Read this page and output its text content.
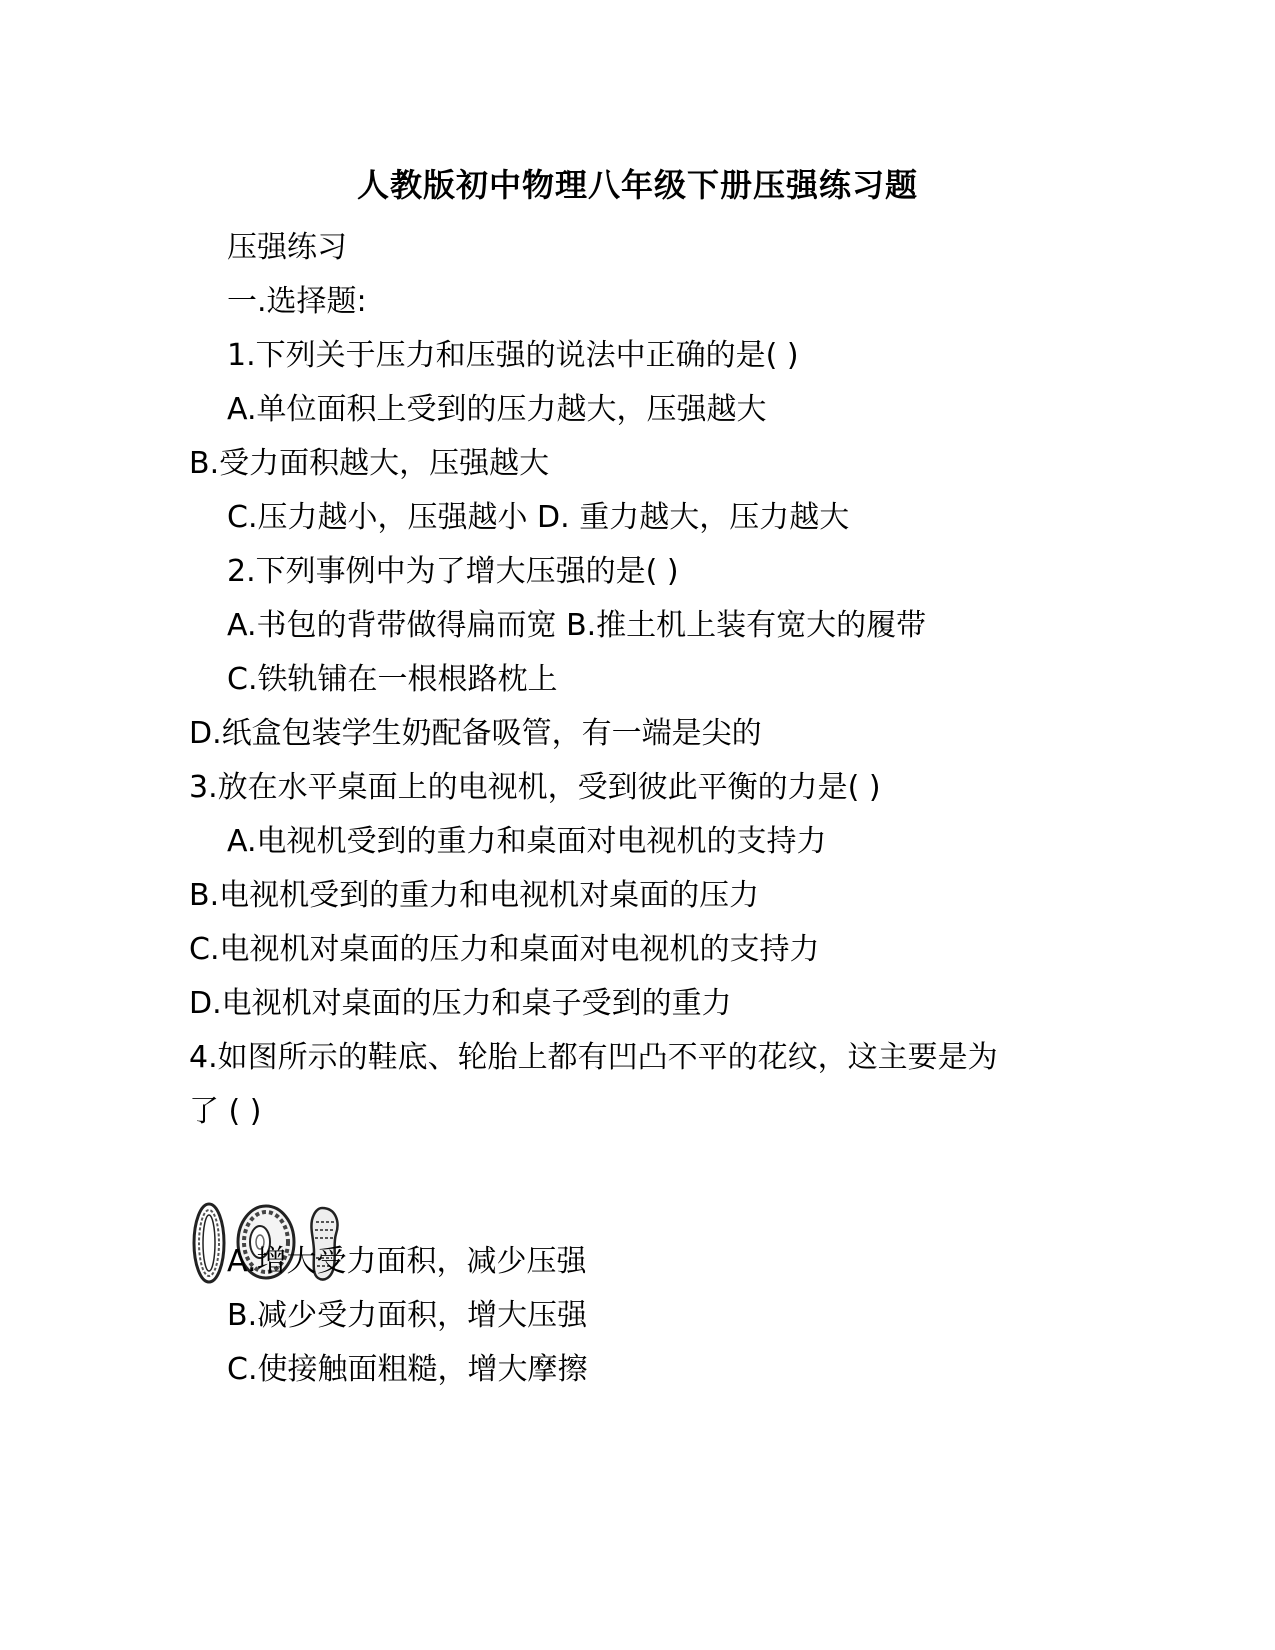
人教版初中物理八年级下册压强练习题
压强练习
一.选择题:
1.下列关于压力和压强的说法中正确的是( )
A.单位面积上受到的压力越大，压强越大
B.受力面积越大，压强越大
C.压力越小，压强越小 D. 重力越大，压力越大
2.下列事例中为了增大压强的是( )
A.书包的背带做得扁而宽 B.推土机上装有宽大的履带
C.铁轨铺在一根根路枕上
D.纸盒包装学生奶配备吸管，有一端是尖的
3.放在水平桌面上的电视机，受到彼此平衡的力是( )
A.电视机受到的重力和桌面对电视机的支持力
B.电视机受到的重力和电视机对桌面的压力
C.电视机对桌面的压力和桌面对电视机的支持力
D.电视机对桌面的压力和桌子受到的重力
4.如图所示的鞋底、轮胎上都有凹凸不平的花纹，这主要是为
了 ( )
A.增大受力面积，减少压强
B.减少受力面积，增大压强
C.使接触面粗糙，增大摩擦
